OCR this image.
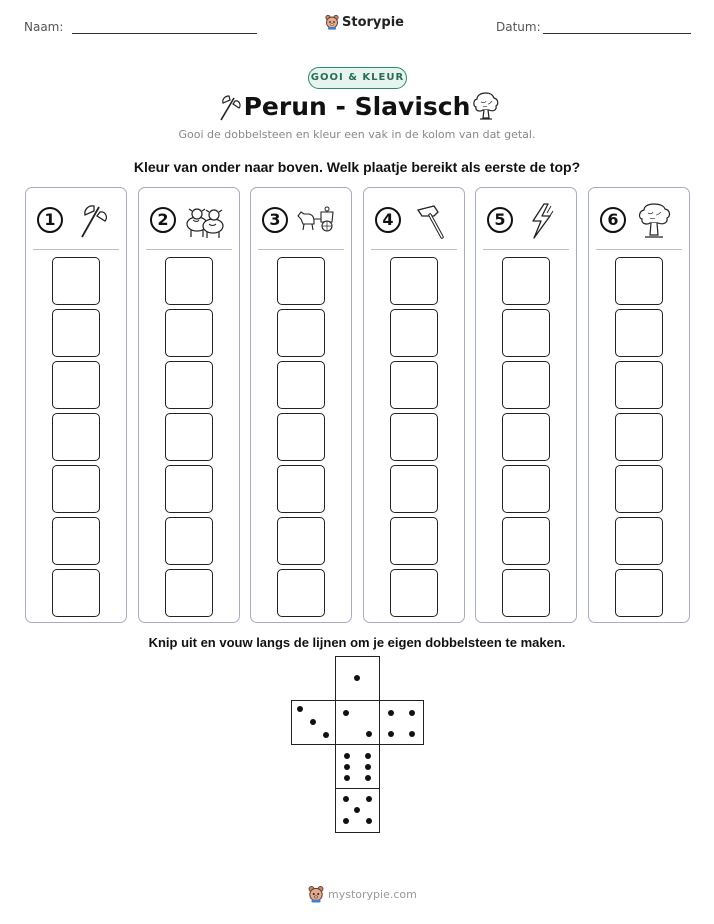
Naam:	Storypie	Datum:
GOOI & KLEUR
Perun - Slavisch
Gooi de dobbelsteen en kleur een vak in de kolom van dat getal.
Kleur van onder naar boven. Welk plaatje bereikt als eerste de top?
1	2	3	4	5	6
Knip uit en vouw langs de lijnen om je eigen dobbelsteen te maken.
mystorypie.com
